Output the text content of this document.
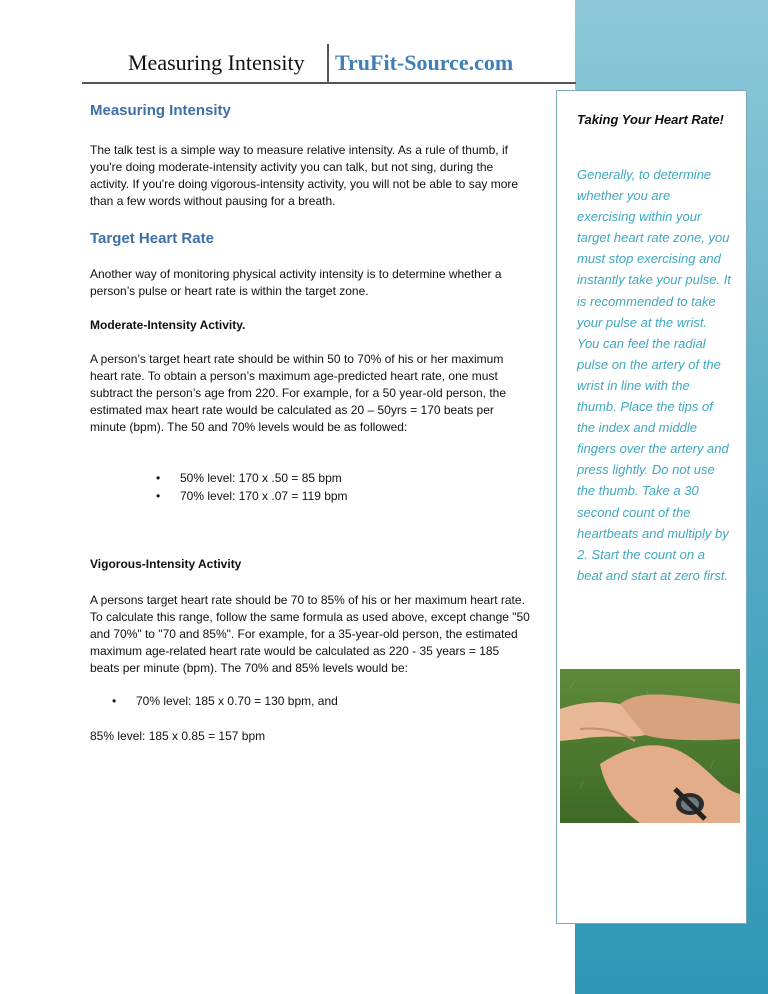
Measuring Intensity TruFit-Source.com
Measuring Intensity

The talk test is a simple way to measure relative intensity. As a rule of thumb, if you're doing moderate-intensity activity you can talk, but not sing, during the activity. If you're doing vigorous-intensity activity, you will not be able to say more than a few words without pausing for a breath.

Target Heart Rate

Another way of monitoring physical activity intensity is to determine whether a person’s pulse or heart rate is within the target zone.

Moderate-Intensity Activity.

A person’s target heart rate should be within 50 to 70% of his or her maximum heart rate. To obtain a person’s maximum age-predicted heart rate, one must subtract the person’s age from 220. For example, for a 50 year-old person, the estimated max heart rate would be calculated as 20 – 50yrs = 170 beats per minute (bpm). The 50 and 70% levels would be as followed:

• 50% level: 170 x .50 = 85 bpm
• 70% level: 170 x .07 = 119 bpm

Vigorous-Intensity Activity

A persons target heart rate should be 70 to 85% of his or her maximum heart rate. To calculate this range, follow the same formula as used above, except change "50 and 70%" to "70 and 85%". For example, for a 35-year-old person, the estimated maximum age-related heart rate would be calculated as 220 - 35 years = 185 beats per minute (bpm). The 70% and 85% levels would be:

• 70% level: 185 x 0.70 = 130 bpm, and

85% level: 185 x 0.85 = 157 bpm

Taking Your Heart Rate!
Generally, to determine whether you are exercising within your target heart rate zone, you must stop exercising and instantly take your pulse. It is recommended to take your pulse at the wrist. You can feel the radial pulse on the artery of the wrist in line with the thumb. Place the tips of the index and middle fingers over the artery and press lightly. Do not use the thumb. Take a 30 second count of the heartbeats and multiply by 2. Start the count on a beat and start at zero first.
